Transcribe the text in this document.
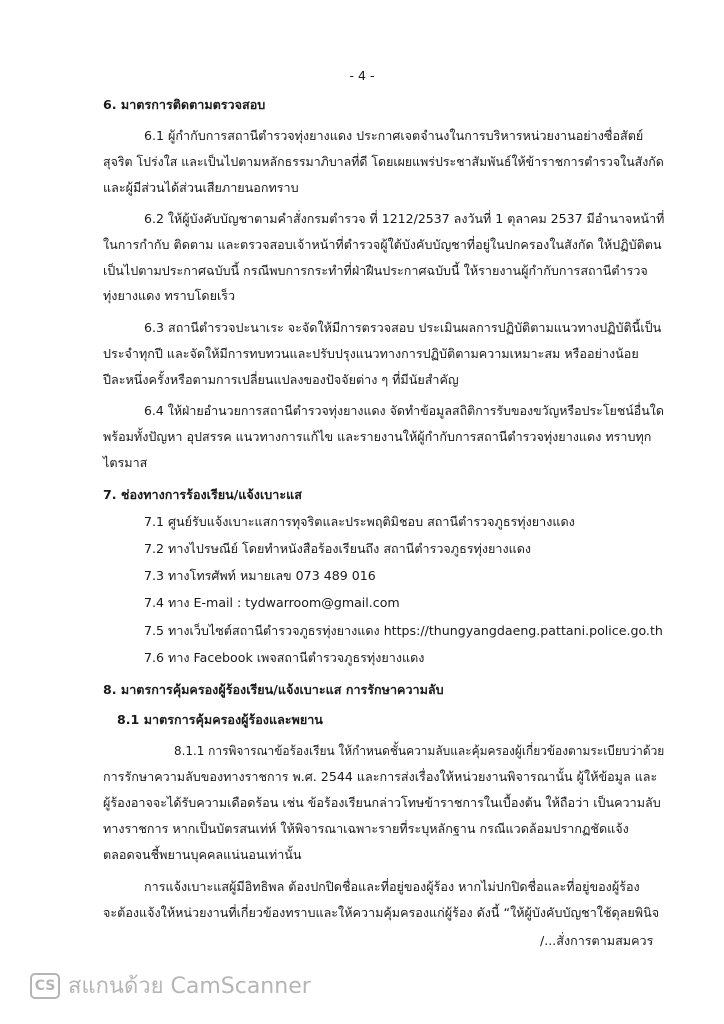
- 4 -
6. มาตรการติดตามตรวจสอบ
6.1 ผู้กำกับการสถานีตำรวจทุ่งยางแดง ประกาศเจตจำนงในการบริหารหน่วยงานอย่างซื่อสัตย์
สุจริต โปร่งใส และเป็นไปตามหลักธรรมาภิบาลที่ดี โดยเผยแพร่ประชาสัมพันธ์ให้ข้าราชการตำรวจในสังกัด
และผู้มีส่วนได้ส่วนเสียภายนอกทราบ
6.2 ให้ผู้บังคับบัญชาตามคำสั่งกรมตำรวจ ที่ 1212/2537 ลงวันที่ 1 ตุลาคม 2537 มีอำนาจหน้าที่
ในการกำกับ ติดตาม และตรวจสอบเจ้าหน้าที่ตำรวจผู้ใต้บังคับบัญชาที่อยู่ในปกครองในสังกัด ให้ปฏิบัติตน
เป็นไปตามประกาศฉบับนี้ กรณีพบการกระทำที่ฝ่าฝืนประกาศฉบับนี้ ให้รายงานผู้กำกับการสถานีตำรวจ
ทุ่งยางแดง ทราบโดยเร็ว
6.3 สถานีตำรวจปะนาเระ จะจัดให้มีการตรวจสอบ ประเมินผลการปฏิบัติตามแนวทางปฏิบัตินี้เป็น
ประจำทุกปี และจัดให้มีการทบทวนและปรับปรุงแนวทางการปฏิบัติตามความเหมาะสม หรืออย่างน้อย
ปีละหนึ่งครั้งหรือตามการเปลี่ยนแปลงของปัจจัยต่าง ๆ ที่มีนัยสำคัญ
6.4 ให้ฝ่ายอำนวยการสถานีตำรวจทุ่งยางแดง จัดทำข้อมูลสถิติการรับของขวัญหรือประโยชน์อื่นใด
พร้อมทั้งปัญหา อุปสรรค แนวทางการแก้ไข และรายงานให้ผู้กำกับการสถานีตำรวจทุ่งยางแดง ทราบทุก
ไตรมาส
7. ช่องทางการร้องเรียน/แจ้งเบาะแส
7.1 ศูนย์รับแจ้งเบาะแสการทุจริตและประพฤติมิชอบ สถานีตำรวจภูธรทุ่งยางแดง
7.2 ทางไปรษณีย์ โดยทำหนังสือร้องเรียนถึง สถานีตำรวจภูธรทุ่งยางแดง
7.3 ทางโทรศัพท์ หมายเลข 073 489 016
7.4 ทาง E-mail : tydwarroom@gmail.com
7.5 ทางเว็บไซต์สถานีตำรวจภูธรทุ่งยางแดง https://thungyangdaeng.pattani.police.go.th
7.6 ทาง Facebook เพจสถานีตำรวจภูธรทุ่งยางแดง
8. มาตรการคุ้มครองผู้ร้องเรียน/แจ้งเบาะแส การรักษาความลับ
8.1 มาตรการคุ้มครองผู้ร้องและพยาน
8.1.1 การพิจารณาข้อร้องเรียน ให้กำหนดชั้นความลับและคุ้มครองผู้เกี่ยวข้องตามระเบียบว่าด้วย
การรักษาความลับของทางราชการ พ.ศ. 2544 และการส่งเรื่องให้หน่วยงานพิจารณานั้น ผู้ให้ข้อมูล และ
ผู้ร้องอาจจะได้รับความเดือดร้อน เช่น ข้อร้องเรียนกล่าวโทษข้าราชการในเบื้องต้น ให้ถือว่า เป็นความลับ
ทางราชการ หากเป็นบัตรสนเท่ห์ ให้พิจารณาเฉพาะรายที่ระบุหลักฐาน กรณีแวดล้อมปรากฏชัดแจ้ง
ตลอดจนชี้พยานบุคคลแน่นอนเท่านั้น
การแจ้งเบาะแสผู้มีอิทธิพล ต้องปกปิดชื่อและที่อยู่ของผู้ร้อง หากไม่ปกปิดชื่อและที่อยู่ของผู้ร้อง
จะต้องแจ้งให้หน่วยงานที่เกี่ยวข้องทราบและให้ความคุ้มครองแก่ผู้ร้อง ดังนี้ “ให้ผู้บังคับบัญชาใช้ดุลยพินิจ
/...สั่งการตามสมควร
CS สแกนด้วย CamScanner
